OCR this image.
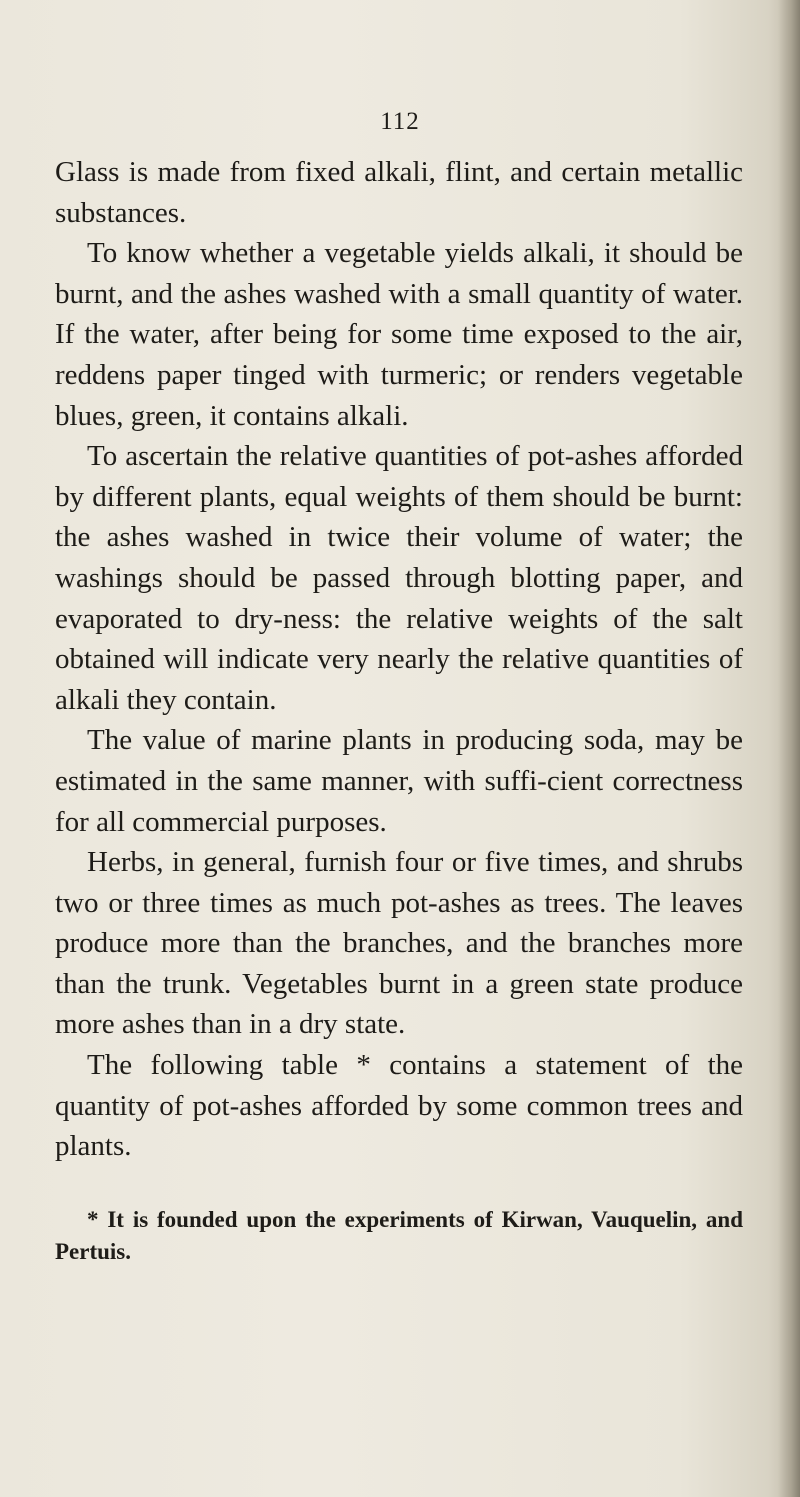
112

Glass is made from fixed alkali, flint, and certain metallic substances.

To know whether a vegetable yields alkali, it should be burnt, and the ashes washed with a small quantity of water. If the water, after being for some time exposed to the air, reddens paper tinged with turmeric; or renders vegetable blues, green, it contains alkali.

To ascertain the relative quantities of pot-ashes afforded by different plants, equal weights of them should be burnt: the ashes washed in twice their volume of water; the washings should be passed through blotting paper, and evaporated to dry-ness: the relative weights of the salt obtained will indicate very nearly the relative quantities of alkali they contain.

The value of marine plants in producing soda, may be estimated in the same manner, with suffi-cient correctness for all commercial purposes.

Herbs, in general, furnish four or five times, and shrubs two or three times as much pot-ashes as trees. The leaves produce more than the branches, and the branches more than the trunk. Vegetables burnt in a green state produce more ashes than in a dry state.

The following table * contains a statement of the quantity of pot-ashes afforded by some common trees and plants.

* It is founded upon the experiments of Kirwan, Vauquelin, and Pertuis.
